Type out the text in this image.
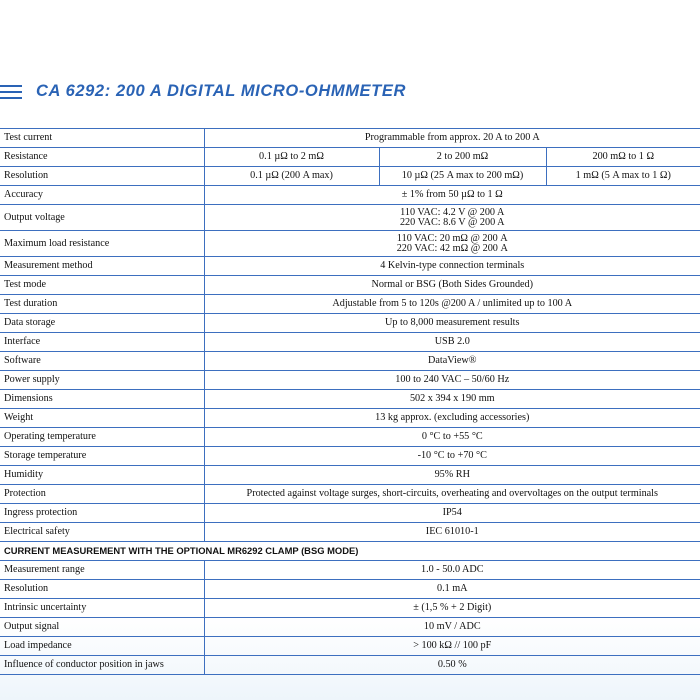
CA 6292: 200 A DIGITAL MICRO-OHMMETER
Test current	Programmable from approx. 20 A to 200 A		
Resistance	0.1 µΩ to 2 mΩ	2 to 200 mΩ	200 mΩ to 1 Ω
Resolution	0.1 µΩ (200 A max)	10 µΩ (25 A max to 200 mΩ)	1 mΩ (5 A max to 1 Ω)
Accuracy	± 1% from 50 µΩ to 1 Ω		
Output voltage	110 VAC: 4.2 V @ 200 A
220 VAC: 8.6 V @ 200 A		

Maximum load resistance	110 VAC: 20 mΩ @ 200 A
220 VAC: 42 mΩ @ 200 A		

Measurement method	4 Kelvin-type connection terminals		
Test mode	Normal or BSG (Both Sides Grounded)		
Test duration	Adjustable from 5 to 120s @200 A / unlimited up to 100 A		
Data storage	Up to 8,000 measurement results		
Interface	USB 2.0		
Software	DataView®		
Power supply	100 to 240 VAC – 50/60 Hz		
Dimensions	502 x 394 x 190 mm		
Weight	13 kg approx. (excluding accessories)		
Operating temperature	0 °C to +55 °C		
Storage temperature	-10 °C to +70 °C		
Humidity	95% RH		
Protection	Protected against voltage surges, short-circuits, overheating and overvoltages on the output terminals		
Ingress protection	IP54		
Electrical safety	IEC 61010-1		
CURRENT MEASUREMENT WITH THE OPTIONAL MR6292 CLAMP (BSG MODE)			
Measurement range	1.0 - 50.0 ADC		
Resolution	0.1 mA		
Intrinsic uncertainty	± (1,5 % + 2 Digit)		
Output signal	10 mV / ADC		
Load impedance	> 100 kΩ // 100 pF		
Influence of conductor position in jaws	0.50 %		
